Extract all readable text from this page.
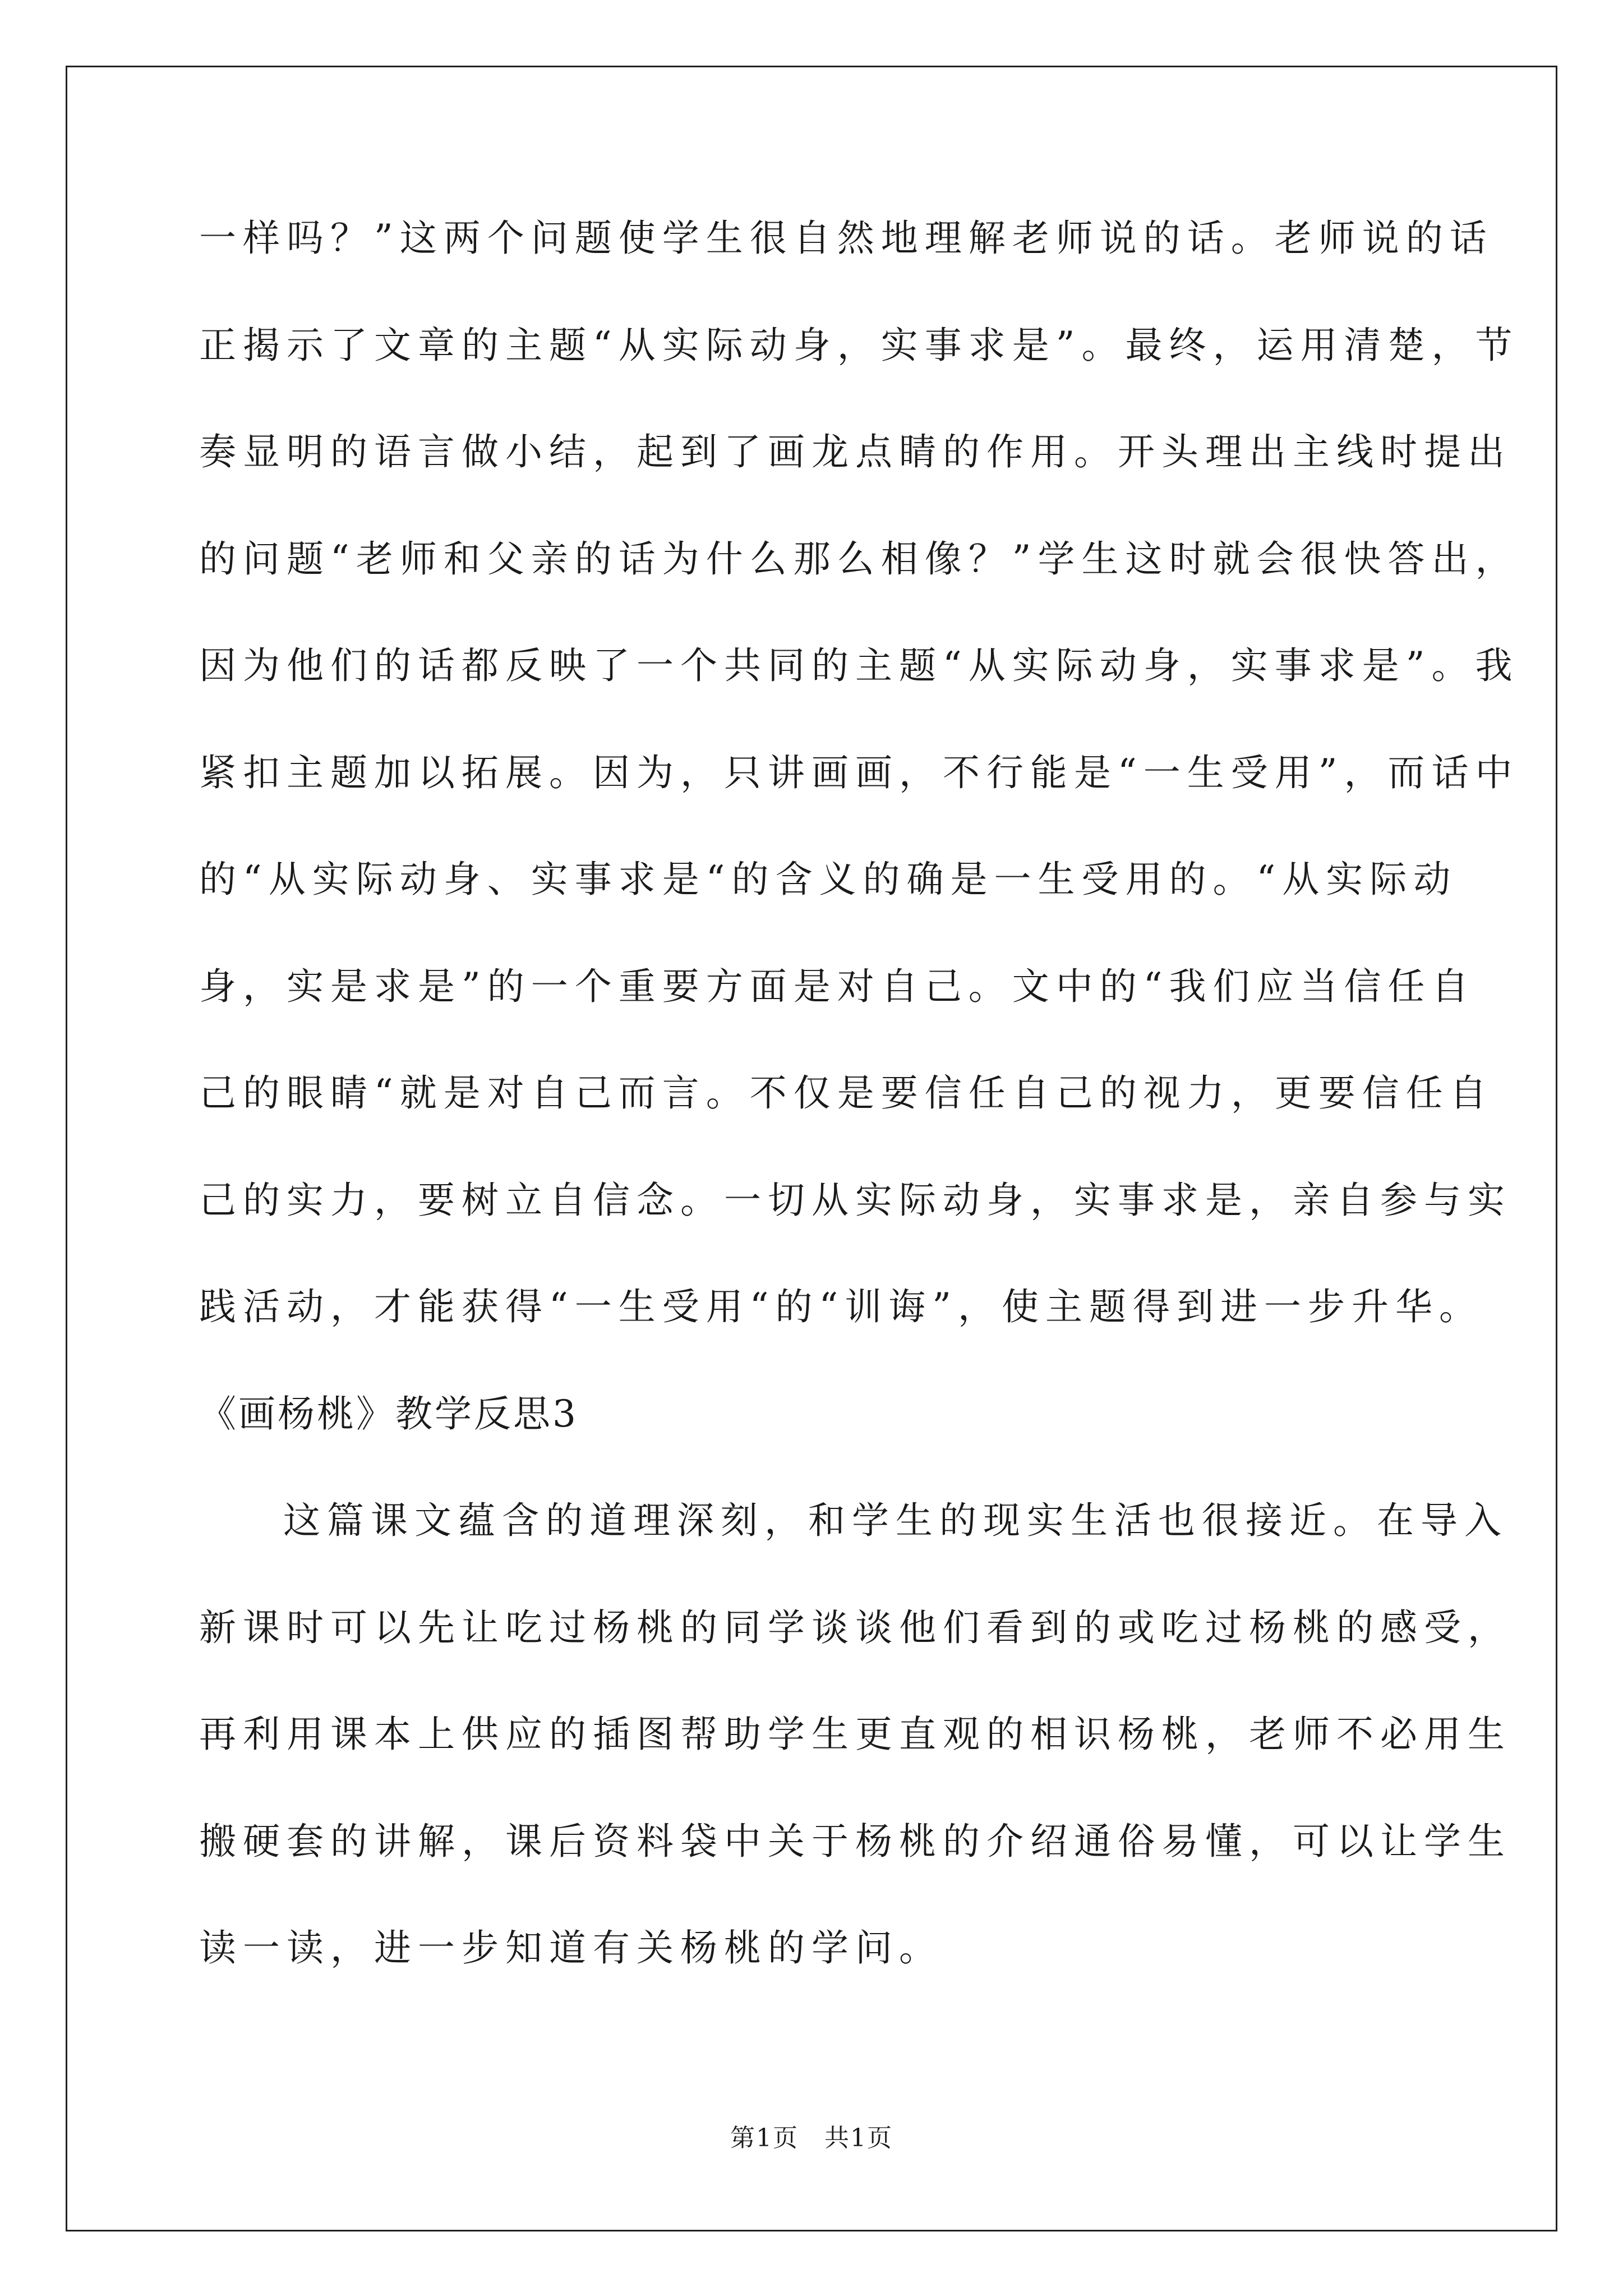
一样吗？”这两个问题使学生很自然地理解老师说的话。老师说的话
正揭示了文章的主题“从实际动身，实事求是”。最终，运用清楚，节
奏显明的语言做小结，起到了画龙点睛的作用。开头理出主线时提出
的问题“老师和父亲的话为什么那么相像？”学生这时就会很快答出，
因为他们的话都反映了一个共同的主题“从实际动身，实事求是”。我
紧扣主题加以拓展。因为，只讲画画，不行能是“一生受用”，而话中
的“从实际动身、实事求是“的含义的确是一生受用的。“从实际动
身，实是求是”的一个重要方面是对自己。文中的“我们应当信任自
己的眼睛“就是对自己而言。不仅是要信任自己的视力，更要信任自
己的实力，要树立自信念。一切从实际动身，实事求是，亲自参与实
践活动，才能获得“一生受用“的“训诲”，使主题得到进一步升华。
《画杨桃》教学反思3
这篇课文蕴含的道理深刻，和学生的现实生活也很接近。在导入
新课时可以先让吃过杨桃的同学谈谈他们看到的或吃过杨桃的感受，
再利用课本上供应的插图帮助学生更直观的相识杨桃，老师不必用生
搬硬套的讲解，课后资料袋中关于杨桃的介绍通俗易懂，可以让学生
读一读，进一步知道有关杨桃的学问。
第1页　共1页
